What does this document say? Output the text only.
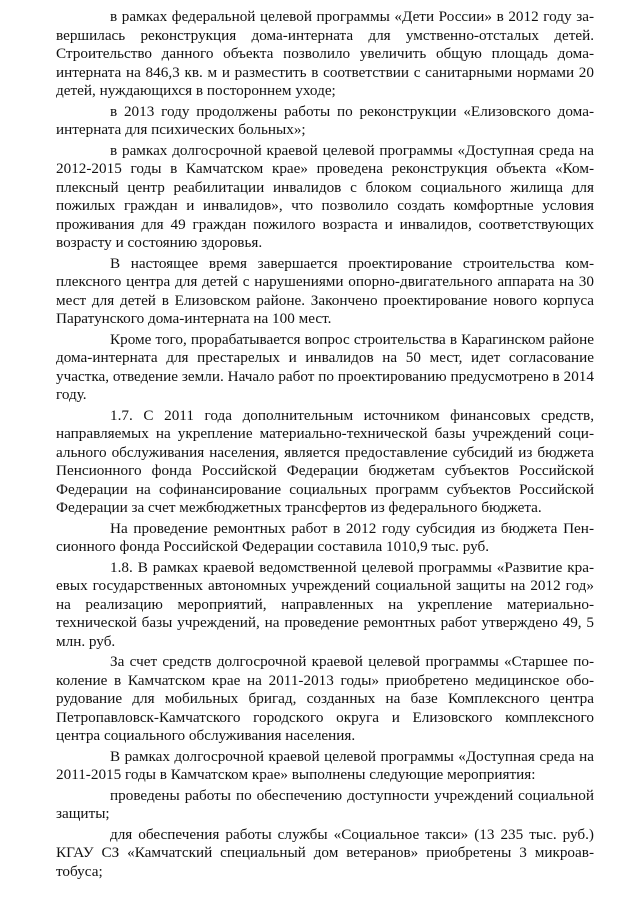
в рамках федеральной целевой программы «Дети России» в 2012 году завершилась реконструкция дома-интерната для умственно-отсталых детей. Строительство данного объекта позволило увеличить общую площадь домаинтерната на 846,3 кв. м и разместить в соответствии с санитарными нормами 20 детей, нуждающихся в постороннем уходе;

в 2013 году продолжены работы по реконструкции «Елизовского домаинтерната для психических больных»;

в рамках долгосрочной краевой целевой программы «Доступная среда на 2012-2015 годы в Камчатском крае» проведена реконструкция объекта «Комплексный центр реабилитации инвалидов с блоком социального жилища для пожилых граждан и инвалидов», что позволило создать комфортные условия проживания для 49 граждан пожилого возраста и инвалидов, соответствующих возрасту и состоянию здоровья.

В настоящее время завершается проектирование строительства комплексного центра для детей с нарушениями опорно-двигательного аппарата на 30 мест для детей в Елизовском районе. Закончено проектирование нового корпуса Паратунского дома-интерната на 100 мест.

Кроме того, прорабатывается вопрос строительства в Карагинском районе дома-интерната для престарелых и инвалидов на 50 мест, идет согласование участка, отведение земли. Начало работ по проектированию предусмотрено в 2014 году.

1.7. С 2011 года дополнительным источником финансовых средств, направляемых на укрепление материально-технической базы учреждений социального обслуживания населения, является предоставление субсидий из бюджета Пенсионного фонда Российской Федерации бюджетам субъектов Российской Федерации на софинансирование социальных программ субъектов Российской Федерации за счет межбюджетных трансфертов из федерального бюджета.

На проведение ремонтных работ в 2012 году субсидия из бюджета Пенсионного фонда Российской Федерации составила 1010,9 тыс. руб.

1.8. В рамках краевой ведомственной целевой программы «Развитие краевых государственных автономных учреждений социальной защиты на 2012 год» на реализацию мероприятий, направленных на укрепление материальнотехнической базы учреждений, на проведение ремонтных работ утверждено 49, 5 млн. руб.

За счет средств долгосрочной краевой целевой программы «Старшее поколение в Камчатском крае на 2011-2013 годы» приобретено медицинское оборудование для мобильных бригад, созданных на базе Комплексного центра Петропавловск-Камчатского городского округа и Елизовского комплексного центра социального обслуживания населения.

В рамках долгосрочной краевой целевой программы «Доступная среда на 2011-2015 годы в Камчатском крае» выполнены следующие мероприятия:

проведены работы по обеспечению доступности учреждений социальной защиты;

для обеспечения работы службы «Социальное такси» (13 235 тыс. руб.) КГАУ СЗ «Камчатский специальный дом ветеранов» приобретены 3 микроавтобуса;
